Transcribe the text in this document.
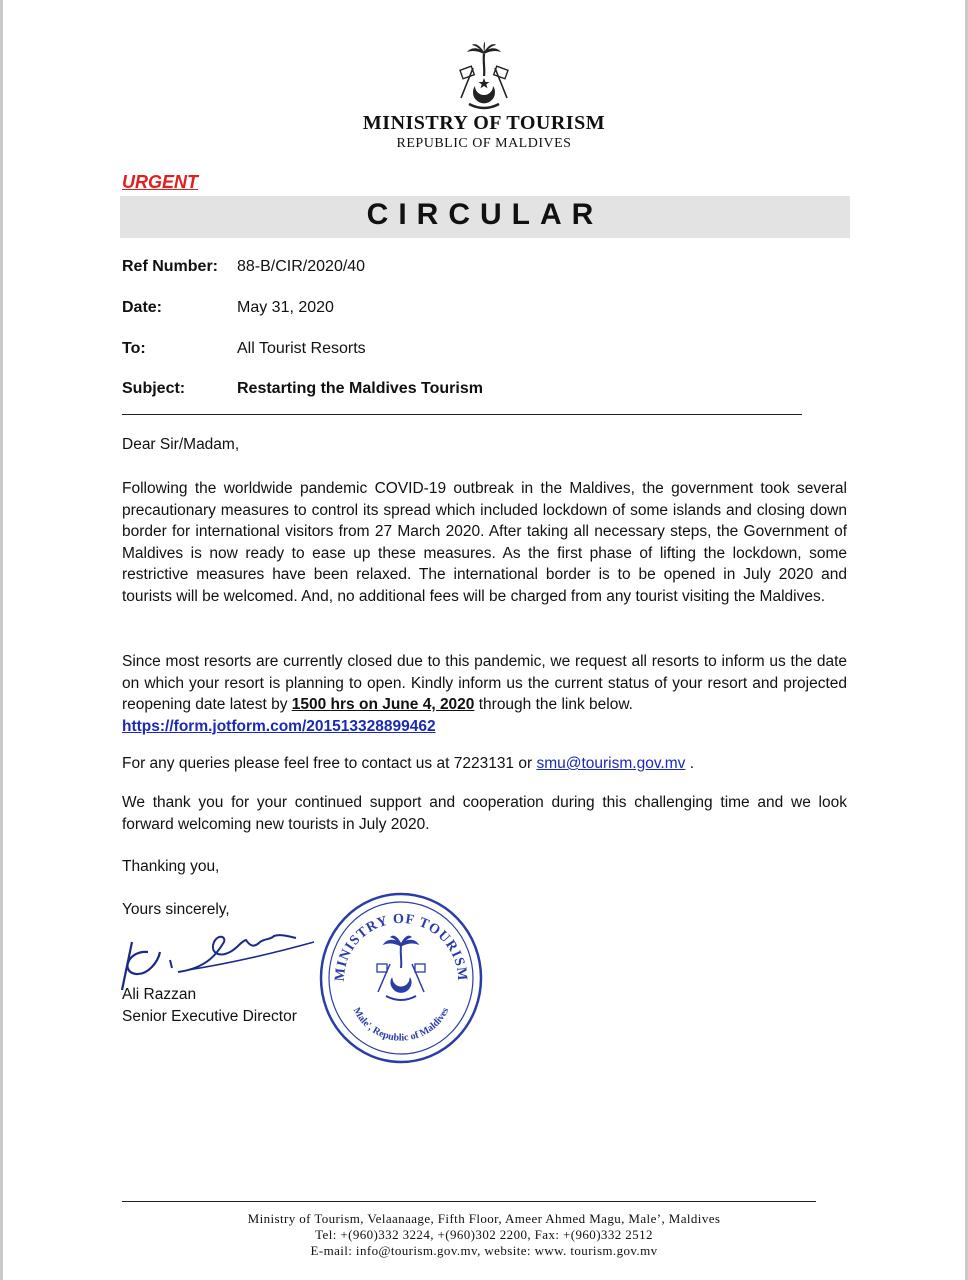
MINISTRY OF TOURISM
REPUBLIC OF MALDIVES
URGENT
CIRCULAR
Ref Number: 88-B/CIR/2020/40
Date:	May 31, 2020
To:	All Tourist Resorts
Subject:	Restarting the Maldives Tourism
Dear Sir/Madam,
Following the worldwide pandemic COVID-19 outbreak in the Maldives, the government took several precautionary measures to control its spread which included lockdown of some islands and closing down border for international visitors from 27 March 2020. After taking all necessary steps, the Government of Maldives is now ready to ease up these measures. As the first phase of lifting the lockdown, some restrictive measures have been relaxed. The international border is to be opened in July 2020 and tourists will be welcomed. And, no additional fees will be charged from any tourist visiting the Maldives.
Since most resorts are currently closed due to this pandemic, we request all resorts to inform us the date on which your resort is planning to open. Kindly inform us the current status of your resort and projected reopening date latest by 1500 hrs on June 4, 2020 through the link below.
https://form.jotform.com/201513328899462
For any queries please feel free to contact us at 7223131 or smu@tourism.gov.mv .
We thank you for your continued support and cooperation during this challenging time and we look forward welcoming new tourists in July 2020.
Thanking you,
Yours sincerely,
Ali Razzan
Senior Executive Director
MINISTRY OF TOURISM
Male', Republic of Maldives
Ministry of Tourism, Velaanaage, Fifth Floor, Ameer Ahmed Magu, Male’, Maldives
Tel: +(960)332 3224, +(960)302 2200, Fax: +(960)332 2512
E-mail: info@tourism.gov.mv, website: www. tourism.gov.mv
